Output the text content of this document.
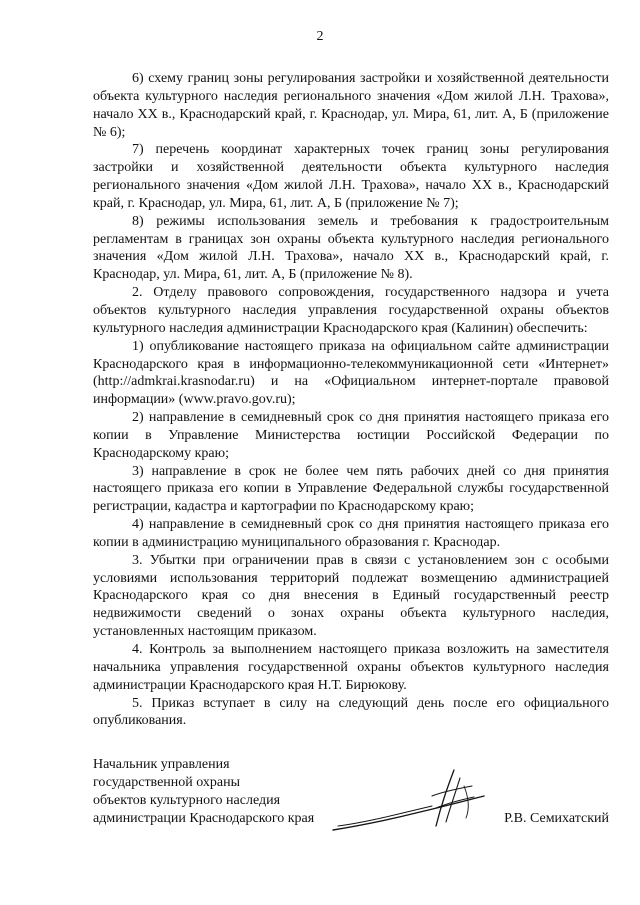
2

6) схему границ зоны регулирования застройки и хозяйственной деятельности объекта культурного наследия регионального значения «Дом жилой Л.Н. Трахова», начало XX в., Краснодарский край, г. Краснодар, ул. Мира, 61, лит. А, Б (приложение № 6);

7) перечень координат характерных точек границ зоны регулирования застройки и хозяйственной деятельности объекта культурного наследия регионального значения «Дом жилой Л.Н. Трахова», начало XX в., Краснодарский край, г. Краснодар, ул. Мира, 61, лит. А, Б (приложение № 7);

8) режимы использования земель и требования к градостроительным регламентам в границах зон охраны объекта культурного наследия регионального значения «Дом жилой Л.Н. Трахова», начало XX в., Краснодарский край, г. Краснодар, ул. Мира, 61, лит. А, Б (приложение № 8).

2. Отделу правового сопровождения, государственного надзора и учета объектов культурного наследия управления государственной охраны объектов культурного наследия администрации Краснодарского края (Калинин) обеспечить:

1) опубликование настоящего приказа на официальном сайте администрации Краснодарского края в информационно-телекоммуникационной сети «Интернет» (http://admkrai.krasnodar.ru) и на «Официальном интернет-портале правовой информации» (www.pravo.gov.ru);

2) направление в семидневный срок со дня принятия настоящего приказа его копии в Управление Министерства юстиции Российской Федерации по Краснодарскому краю;

3) направление в срок не более чем пять рабочих дней со дня принятия настоящего приказа его копии в Управление Федеральной службы государственной регистрации, кадастра и картографии по Краснодарскому краю;

4) направление в семидневный срок со дня принятия настоящего приказа его копии в администрацию муниципального образования г. Краснодар.

3. Убытки при ограничении прав в связи с установлением зон с особыми условиями использования территорий подлежат возмещению администрацией Краснодарского края со дня внесения в Единый государственный реестр недвижимости сведений о зонах охраны объекта культурного наследия, установленных настоящим приказом.

4. Контроль за выполнением настоящего приказа возложить на заместителя начальника управления государственной охраны объектов культурного наследия администрации Краснодарского края Н.Т. Бирюкову.

5. Приказ вступает в силу на следующий день после его официального опубликования.

Начальник управления

государственной охраны

объектов культурного наследия

администрации Краснодарского края	Р.В. Семихатский
